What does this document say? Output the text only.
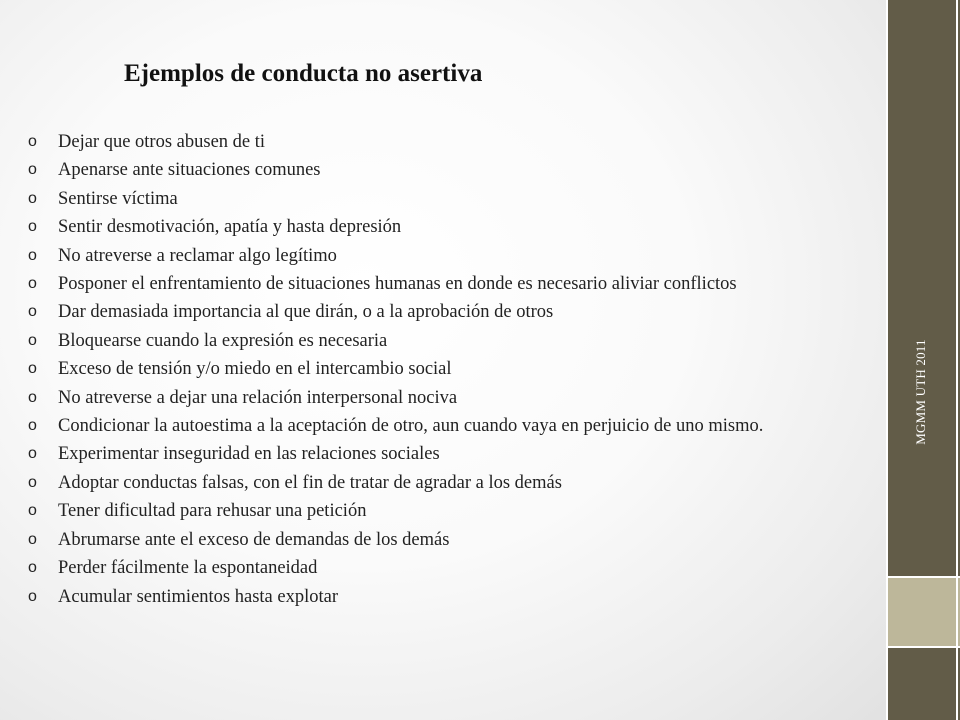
MGMM UTH 2011
Ejemplos de conducta no asertiva
o Dejar que otros abusen de ti
o Apenarse ante situaciones comunes
o Sentirse víctima
o Sentir desmotivación, apatía y hasta depresión
o No atreverse a reclamar algo legítimo
o Posponer el enfrentamiento de situaciones humanas en donde es necesario aliviar conflictos
o Dar demasiada importancia al que dirán, o a la aprobación de otros
o Bloquearse cuando la expresión es necesaria
o Exceso de tensión y/o miedo en el intercambio social
o No atreverse a dejar una relación interpersonal nociva
o Condicionar la autoestima a la aceptación de otro, aun cuando vaya en perjuicio de uno mismo.
o Experimentar inseguridad en las relaciones sociales
o Adoptar conductas falsas, con el fin de tratar de agradar a los demás
o Tener dificultad para rehusar una petición
o Abrumarse ante el exceso de demandas de los demás
o Perder fácilmente la espontaneidad
o Acumular sentimientos hasta explotar
